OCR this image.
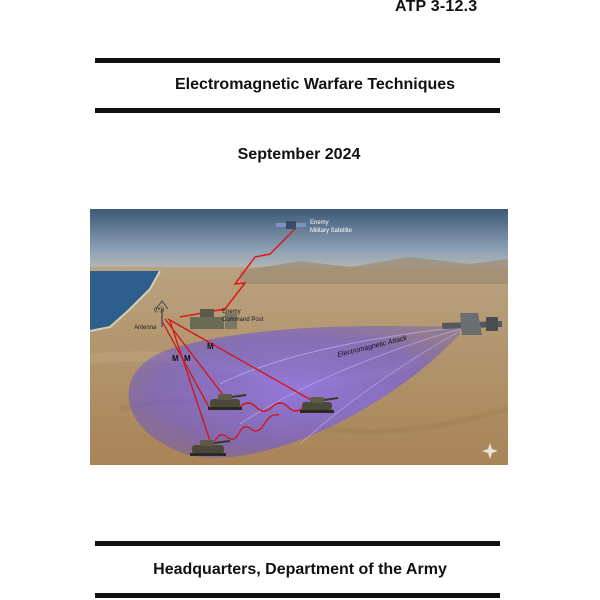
ATP 3-12.3
Electromagnetic Warfare Techniques
September 2024
((•))
Enemy
Military Satellite
Enemy
Command Post
Antenna
Electromagnetic Attack
M M
M
Headquarters, Department of the Army
